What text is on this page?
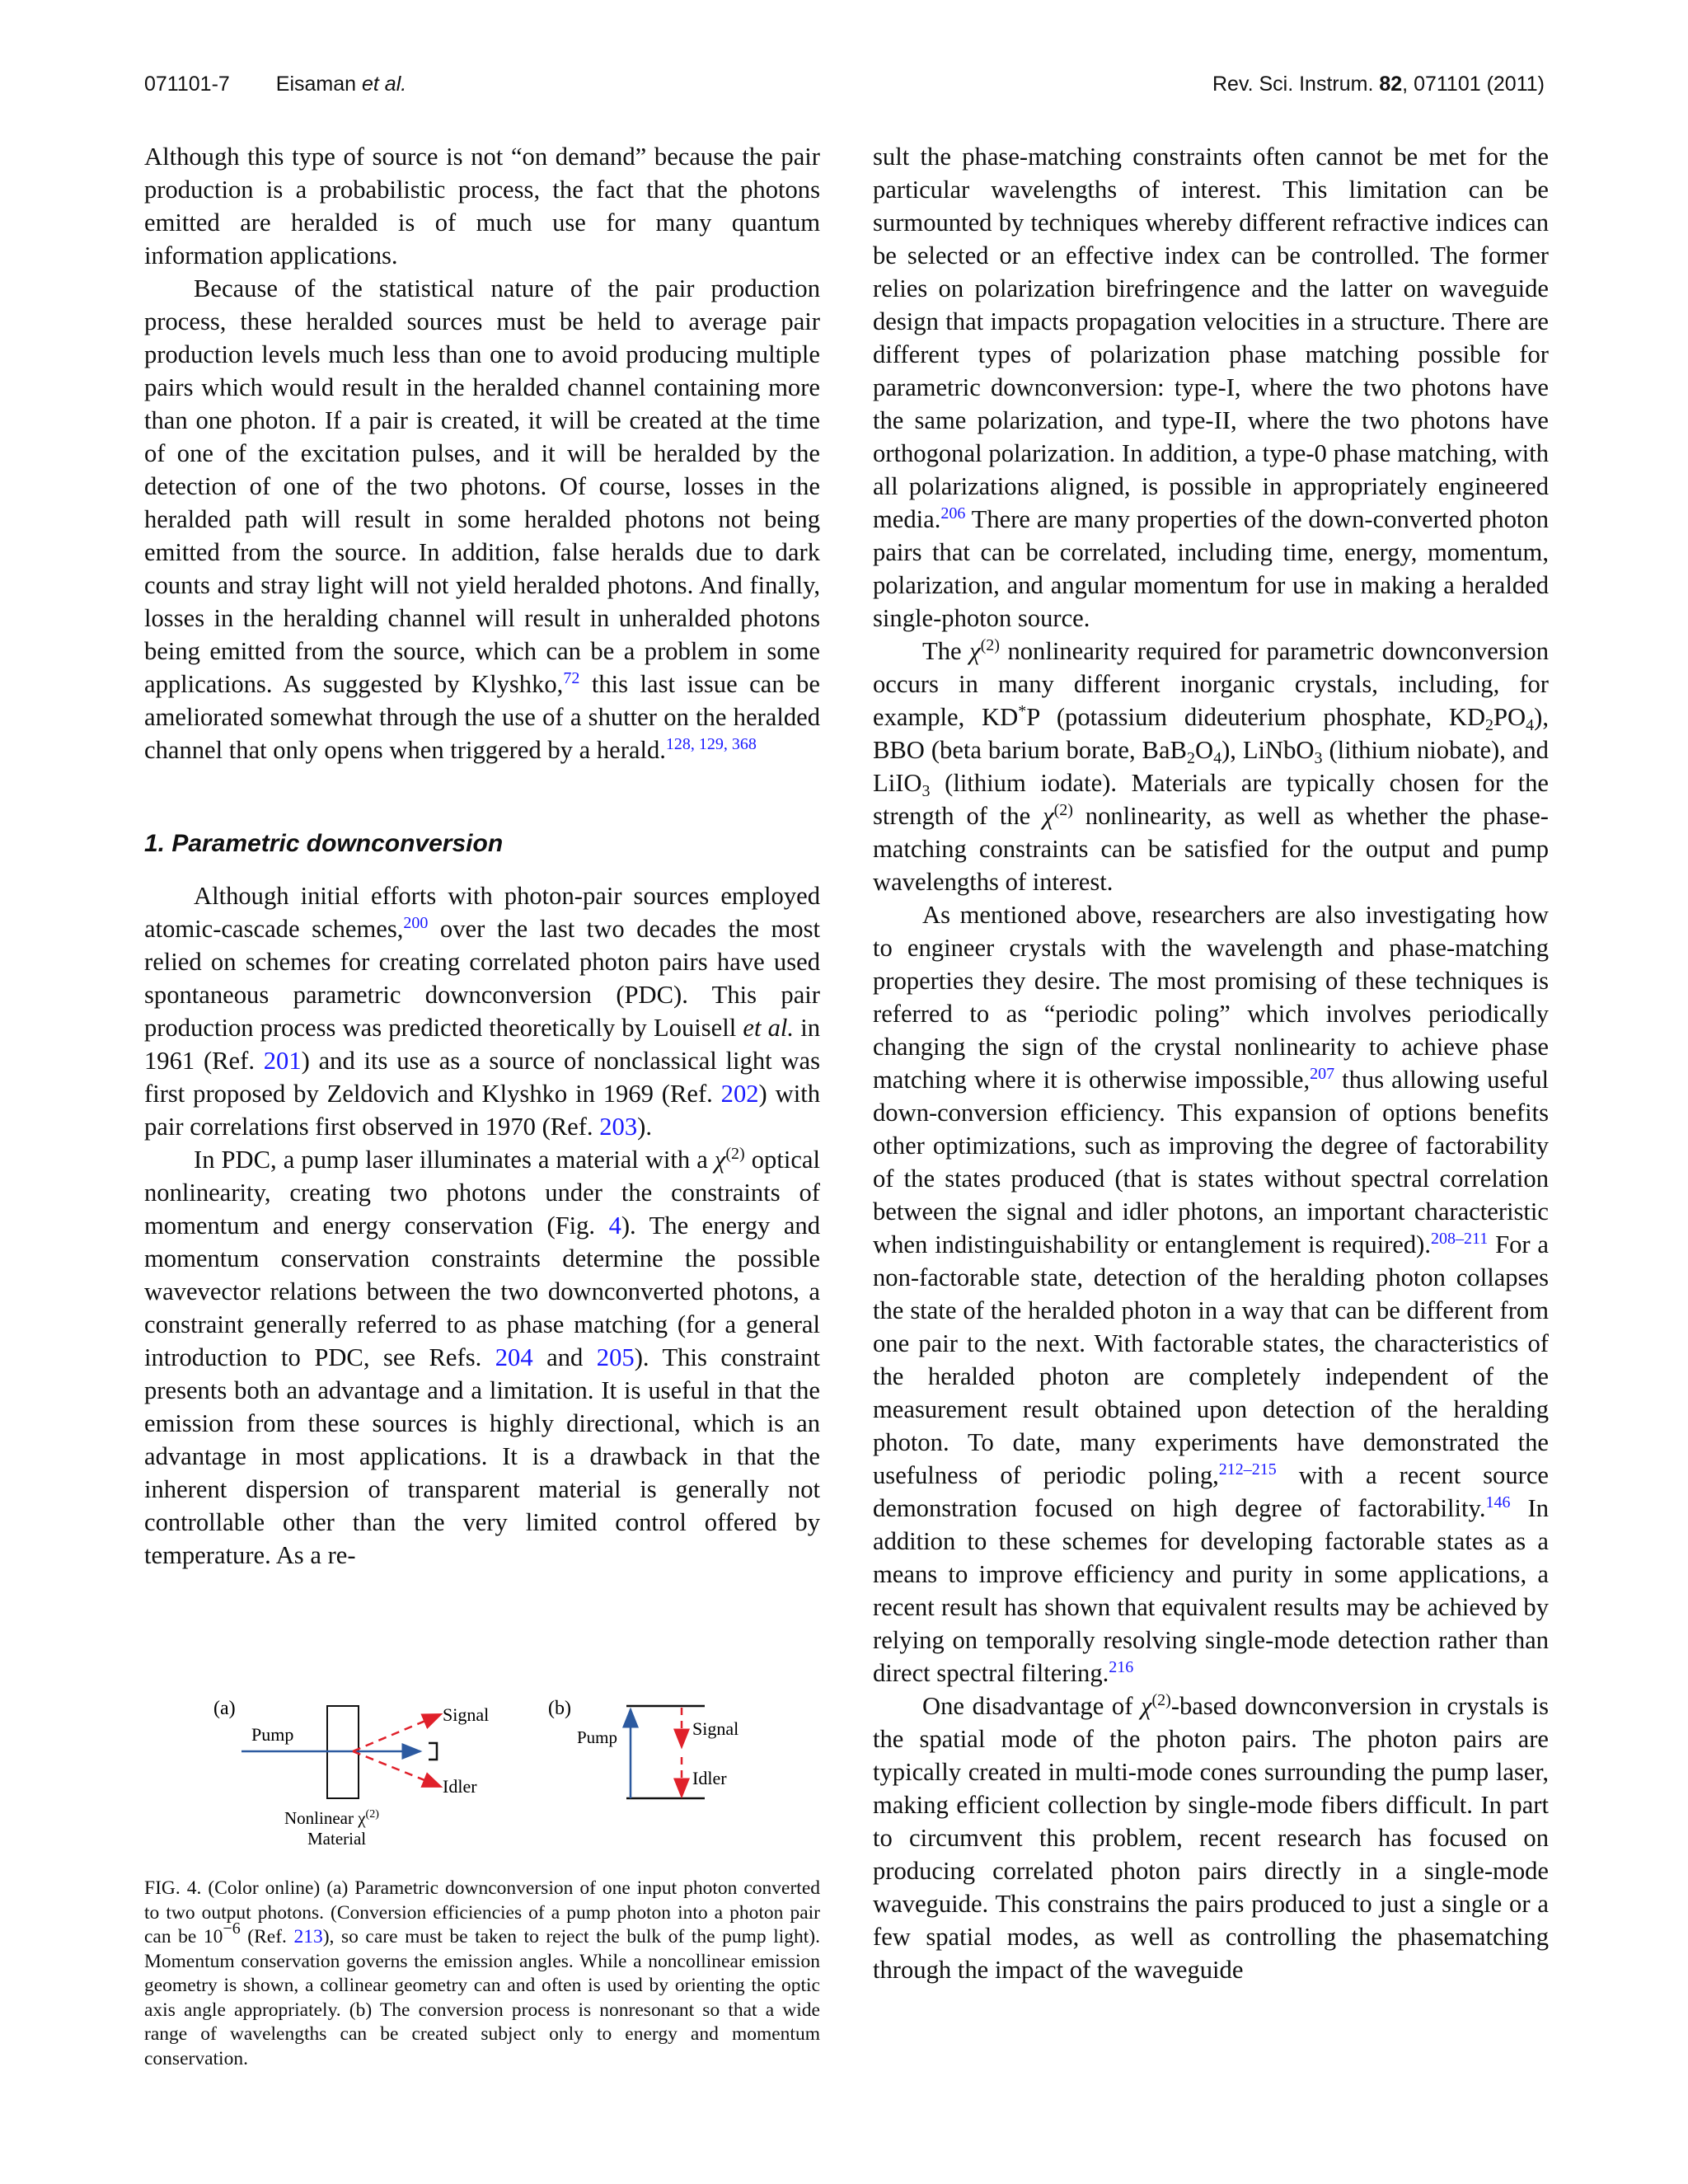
071101-7 Eisaman et al.	Rev. Sci. Instrum. 82, 071101 (2011)

Although this type of source is not “on demand” because the pair production is a probabilistic process, the fact that the photons emitted are heralded is of much use for many quantum information applications.

Because of the statistical nature of the pair production process, these heralded sources must be held to average pair production levels much less than one to avoid producing multiple pairs which would result in the heralded channel containing more than one photon. If a pair is created, it will be created at the time of one of the excitation pulses, and it will be heralded by the detection of one of the two photons. Of course, losses in the heralded path will result in some heralded photons not being emitted from the source. In addition, false heralds due to dark counts and stray light will not yield heralded photons. And finally, losses in the heralding channel will result in unheralded photons being emitted from the source, which can be a problem in some applications. As suggested by Klyshko,$^{72}$ this last issue can be ameliorated somewhat through the use of a shutter on the heralded channel that only opens when triggered by a herald.$^{128, 129, 368}$

1. Parametric downconversion

Although initial efforts with photon-pair sources employed atomic-cascade schemes,$^{200}$ over the last two decades the most relied on schemes for creating correlated photon pairs have used spontaneous parametric downconversion (PDC). This pair production process was predicted theoretically by Louisell et al. in 1961 (Ref. 201) and its use as a source of nonclassical light was first proposed by Zeldovich and Klyshko in 1969 (Ref. 202) with pair correlations first observed in 1970 (Ref. 203).

In PDC, a pump laser illuminates a material with a $\chi^{(2)}$ optical nonlinearity, creating two photons under the constraints of momentum and energy conservation (Fig. 4). The energy and momentum conservation constraints determine the possible wavevector relations between the two downconverted photons, a constraint generally referred to as phase matching (for a general introduction to PDC, see Refs. 204 and 205). This constraint presents both an advantage and a limitation. It is useful in that the emission from these sources is highly directional, which is an advantage in most applications. It is a drawback in that the inherent dispersion of transparent material is generally not controllable other than the very limited control offered by temperature. As a re-

(a)
Pump
Signal
Idler
Nonlinear $\chi^{(2)}$
Material
(b)
Pump	Signal
Idler
FIG. 4. (Color online) (a) Parametric downconversion of one input photon converted to two output photons. (Conversion efficiencies of a pump photon into a photon pair can be $10^{-6}$ (Ref. 213), so care must be taken to reject the bulk of the pump light). Momentum conservation governs the emission angles. While a noncollinear emission geometry is shown, a collinear geometry can and often is used by orienting the optic axis angle appropriately. (b) The conversion process is nonresonant so that a wide range of wavelengths can be created subject only to energy and momentum conservation.

sult the phase-matching constraints often cannot be met for the particular wavelengths of interest. This limitation can be surmounted by techniques whereby different refractive indices can be selected or an effective index can be controlled. The former relies on polarization birefringence and the latter on waveguide design that impacts propagation velocities in a structure. There are different types of polarization phase matching possible for parametric downconversion: type-I, where the two photons have the same polarization, and type-II, where the two photons have orthogonal polarization. In addition, a type-0 phase matching, with all polarizations aligned, is possible in appropriately engineered media.$^{206}$ There are many properties of the down-converted photon pairs that can be correlated, including time, energy, momentum, polarization, and angular momentum for use in making a heralded single-photon source.

The $\chi^{(2)}$ nonlinearity required for parametric downconversion occurs in many different inorganic crystals, including, for example, KD*P (potassium dideuterium phosphate, $KD_2PO_4$), BBO (beta barium borate, $BaB_2O_4$), LiNbO$_3$ (lithium niobate), and LiIO$_3$ (lithium iodate). Materials are typically chosen for the strength of the $\chi^{(2)}$ nonlinearity, as well as whether the phase-matching constraints can be satisfied for the output and pump wavelengths of interest.

As mentioned above, researchers are also investigating how to engineer crystals with the wavelength and phase-matching properties they desire. The most promising of these techniques is referred to as “periodic poling” which involves periodically changing the sign of the crystal nonlinearity to achieve phase matching where it is otherwise impossible,$^{207}$ thus allowing useful down-conversion efficiency. This expansion of options benefits other optimizations, such as improving the degree of factorability of the states produced (that is states without spectral correlation between the signal and idler photons, an important characteristic when indistinguishability or entanglement is required).$^{208-211}$ For a non-factorable state, detection of the heralding photon collapses the state of the heralded photon in a way that can be different from one pair to the next. With factorable states, the characteristics of the heralded photon are completely independent of the measurement result obtained upon detection of the heralding photon. To date, many experiments have demonstrated the usefulness of periodic poling,$^{212-215}$ with a recent source demonstration focused on high degree of factorability.$^{146}$ In addition to these schemes for developing factorable states as a means to improve efficiency and purity in some applications, a recent result has shown that equivalent results may be achieved by relying on temporally resolving single-mode detection rather than direct spectral filtering.$^{216}$

One disadvantage of $\chi^{(2)}$-based downconversion in crystals is the spatial mode of the photon pairs. The photon pairs are typically created in multi-mode cones surrounding the pump laser, making efficient collection by single-mode fibers difficult. In part to circumvent this problem, recent research has focused on producing correlated photon pairs directly in a single-mode waveguide. This constrains the pairs produced to just a single or a few spatial modes, as well as controlling the phasematching through the impact of the waveguide
